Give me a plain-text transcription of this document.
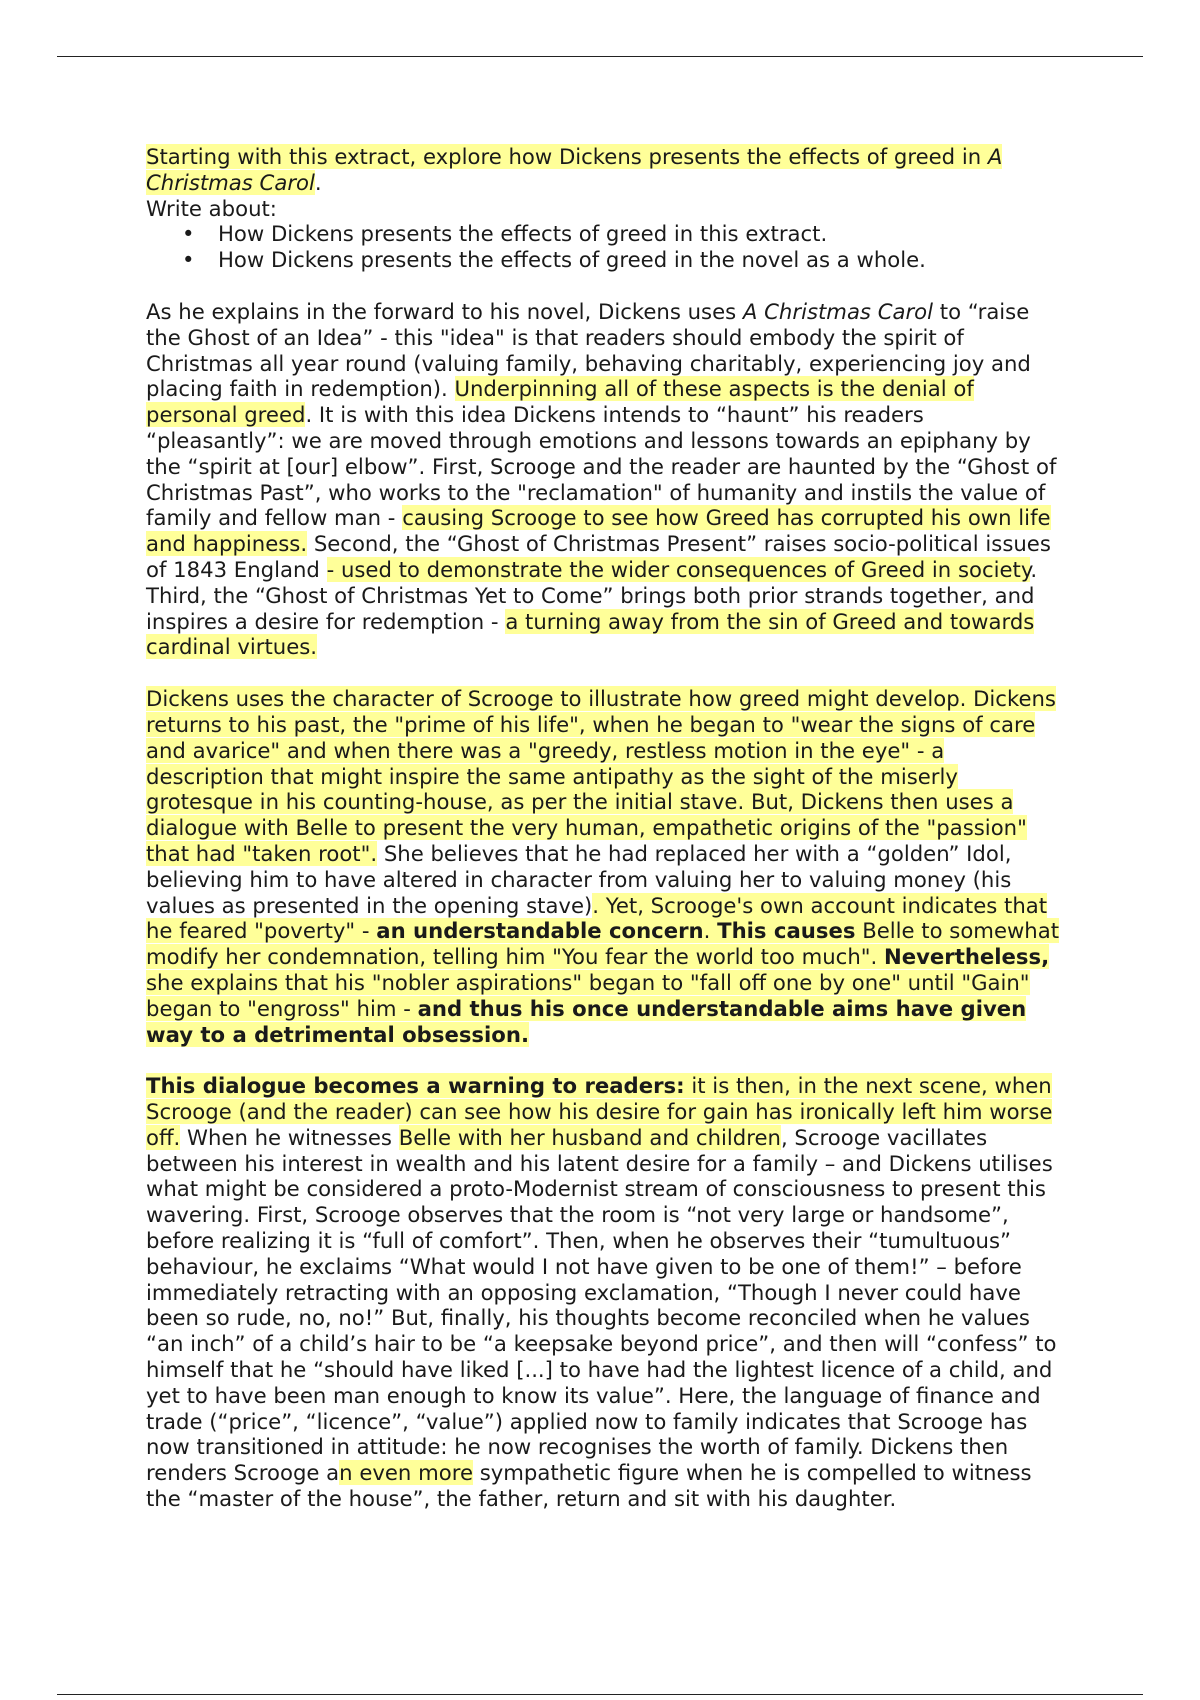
Starting with this extract, explore how Dickens presents the effects of greed in A Christmas Carol.

Write about:

• How Dickens presents the effects of greed in this extract.
• How Dickens presents the effects of greed in the novel as a whole.

As he explains in the forward to his novel, Dickens uses A Christmas Carol to “raise the Ghost of an Idea” - this "idea" is that readers should embody the spirit of Christmas all year round (valuing family, behaving charitably, experiencing joy and placing faith in redemption). Underpinning all of these aspects is the denial of personal greed. It is with this idea Dickens intends to “haunt” his readers “pleasantly”: we are moved through emotions and lessons towards an epiphany by the “spirit at [our] elbow”. First, Scrooge and the reader are haunted by the “Ghost of Christmas Past”, who works to the "reclamation" of humanity and instils the value of family and fellow man - causing Scrooge to see how Greed has corrupted his own life and happiness. Second, the “Ghost of Christmas Present” raises socio-political issues of 1843 England - used to demonstrate the wider consequences of Greed in society. Third, the “Ghost of Christmas Yet to Come” brings both prior strands together, and inspires a desire for redemption - a turning away from the sin of Greed and towards cardinal virtues.

Dickens uses the character of Scrooge to illustrate how greed might develop. Dickens returns to his past, the "prime of his life", when he began to "wear the signs of care and avarice" and when there was a "greedy, restless motion in the eye" - a description that might inspire the same antipathy as the sight of the miserly grotesque in his counting-house, as per the initial stave. But, Dickens then uses a dialogue with Belle to present the very human, empathetic origins of the "passion" that had "taken root". She believes that he had replaced her with a “golden” Idol, believing him to have altered in character from valuing her to valuing money (his values as presented in the opening stave). Yet, Scrooge's own account indicates that he feared "poverty" - an understandable concern. This causes Belle to somewhat modify her condemnation, telling him "You fear the world too much". Nevertheless, she explains that his "nobler aspirations" began to "fall off one by one" until "Gain" began to "engross" him - and thus his once understandable aims have given way to a detrimental obsession.

This dialogue becomes a warning to readers: it is then, in the next scene, when Scrooge (and the reader) can see how his desire for gain has ironically left him worse off. When he witnesses Belle with her husband and children, Scrooge vacillates between his interest in wealth and his latent desire for a family – and Dickens utilises what might be considered a proto-Modernist stream of consciousness to present this wavering. First, Scrooge observes that the room is “not very large or handsome”, before realizing it is “full of comfort”. Then, when he observes their “tumultuous” behaviour, he exclaims “What would I not have given to be one of them!” – before immediately retracting with an opposing exclamation, “Though I never could have been so rude, no, no!” But, finally, his thoughts become reconciled when he values “an inch” of a child’s hair to be “a keepsake beyond price”, and then will “confess” to himself that he “should have liked [...] to have had the lightest licence of a child, and yet to have been man enough to know its value”. Here, the language of finance and trade (“price”, “licence”, “value”) applied now to family indicates that Scrooge has now transitioned in attitude: he now recognises the worth of family. Dickens then renders Scrooge an even more sympathetic figure when he is compelled to witness the “master of the house”, the father, return and sit with his daughter.
